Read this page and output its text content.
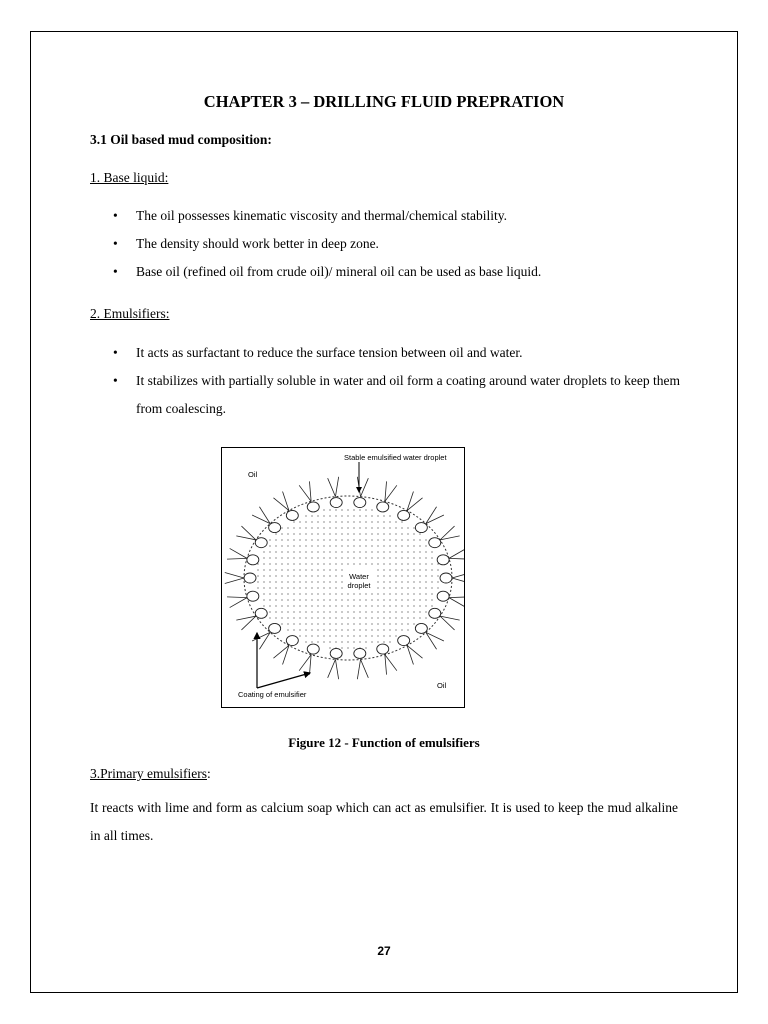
CHAPTER 3 – DRILLING FLUID PREPRATION
3.1 Oil based mud composition:
1. Base liquid:
• The oil possesses kinematic viscosity and thermal/chemical stability.
• The density should work better in deep zone.
• Base oil (refined oil from crude oil)/ mineral oil can be used as base liquid.
2. Emulsifiers:
• It acts as surfactant to reduce the surface tension between oil and water.
• It stabilizes with partially soluble in water and oil form a coating around water droplets to keep them from coalescing.
Stable emulsified water droplet
Oil
Water
droplet
Oil
Coating of emulsifier
Figure 12 - Function of emulsifiers
3.Primary emulsifiers:
It reacts with lime and form as calcium soap which can act as emulsifier. It is used to keep the mud alkaline in all times.
27
